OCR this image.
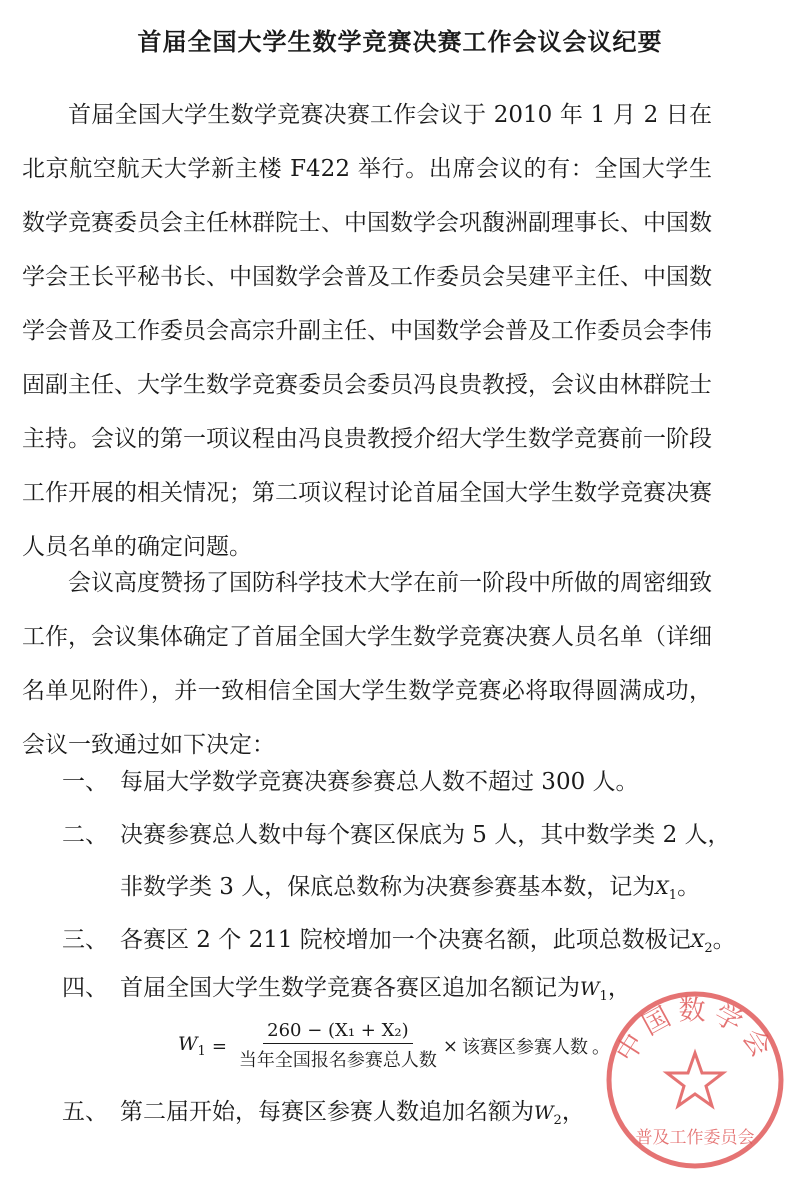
首届全国大学生数学竞赛决赛工作会议会议纪要

首届全国大学生数学竞赛决赛工作会议于 2010 年 1 月 2 日在北京航空航天大学新主楼 F422 举行。出席会议的有：全国大学生数学竞赛委员会主任林群院士、中国数学会巩馥洲副理事长、中国数学会王长平秘书长、中国数学会普及工作委员会吴建平主任、中国数学会普及工作委员会高宗升副主任、中国数学会普及工作委员会李伟固副主任、大学生数学竞赛委员会委员冯良贵教授，会议由林群院士主持。会议的第一项议程由冯良贵教授介绍大学生数学竞赛前一阶段工作开展的相关情况；第二项议程讨论首届全国大学生数学竞赛决赛人员名单的确定问题。

会议高度赞扬了国防科学技术大学在前一阶段中所做的周密细致工作，会议集体确定了首届全国大学生数学竞赛决赛人员名单（详细名单见附件），并一致相信全国大学生数学竞赛必将取得圆满成功，会议一致通过如下决定：

一、 每届大学数学竞赛决赛参赛总人数不超过 300 人。
二、 决赛参赛总人数中每个赛区保底为 5 人，其中数学类 2 人，
非数学类 3 人，保底总数称为决赛参赛基本数，记为$X_1$。
三、 各赛区 2 个 211 院校增加一个决赛名额，此项总数极记$X_2$。
四、 首届全国大学生数学竞赛各赛区追加名额记为$W_1$，
$W_1 = \frac{\text{260 − (X₁ + X₂)}}{\text{当年全国报名参赛总人数}}$ × 该赛区参赛人数 。
五、 第二届开始，每赛区参赛人数追加名额为$W_2$，
中国数学会
普及工作委员会
